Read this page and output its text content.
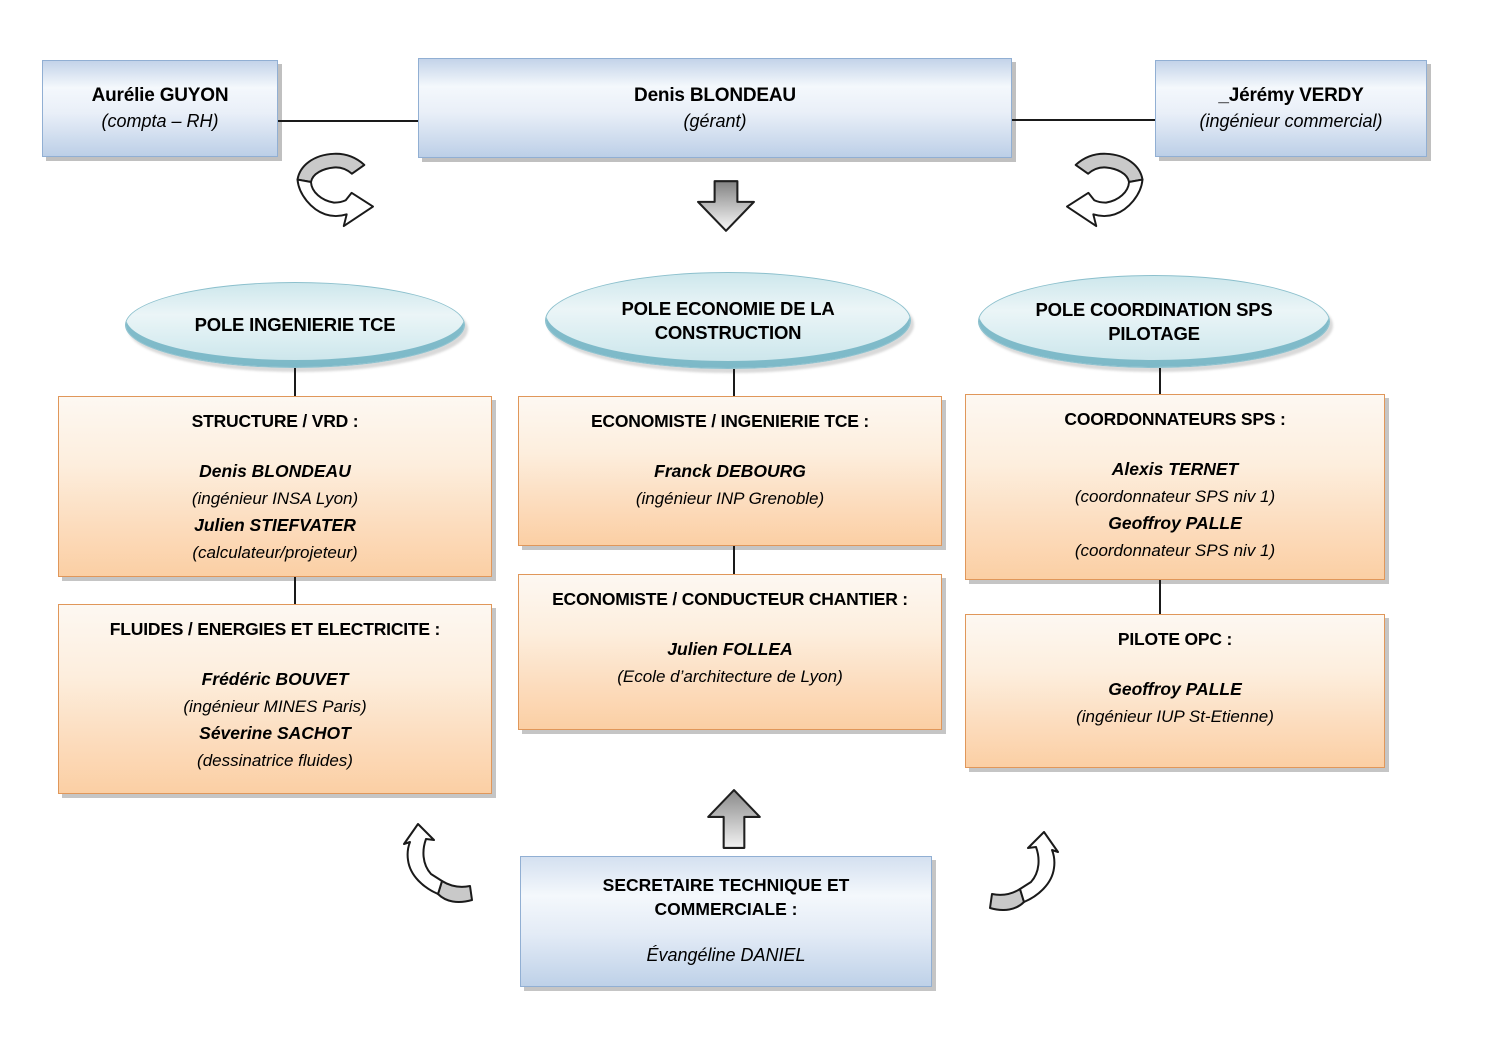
Aurélie GUYON
(compta – RH)
Denis BLONDEAU
(gérant)
_Jérémy VERDY
(ingénieur commercial)
POLE INGENIERIE TCE
POLE ECONOMIE DE LA CONSTRUCTION
POLE COORDINATION SPS PILOTAGE
STRUCTURE / VRD :
Denis BLONDEAU
(ingénieur INSA Lyon)
Julien STIEFVATER
(calculateur/projeteur)
FLUIDES / ENERGIES ET ELECTRICITE :
Frédéric BOUVET
(ingénieur MINES Paris)
Séverine SACHOT
(dessinatrice fluides)
ECONOMISTE / INGENIERIE TCE :
Franck DEBOURG
(ingénieur INP Grenoble)
ECONOMISTE / CONDUCTEUR CHANTIER :
Julien FOLLEA
(Ecole d’architecture de Lyon)
COORDONNATEURS SPS :
Alexis TERNET
(coordonnateur SPS niv 1)
Geoffroy PALLE
(coordonnateur SPS niv 1)
PILOTE OPC :
Geoffroy PALLE
(ingénieur IUP St-Etienne)
SECRETAIRE TECHNIQUE ET COMMERCIALE :
Évangéline DANIEL
